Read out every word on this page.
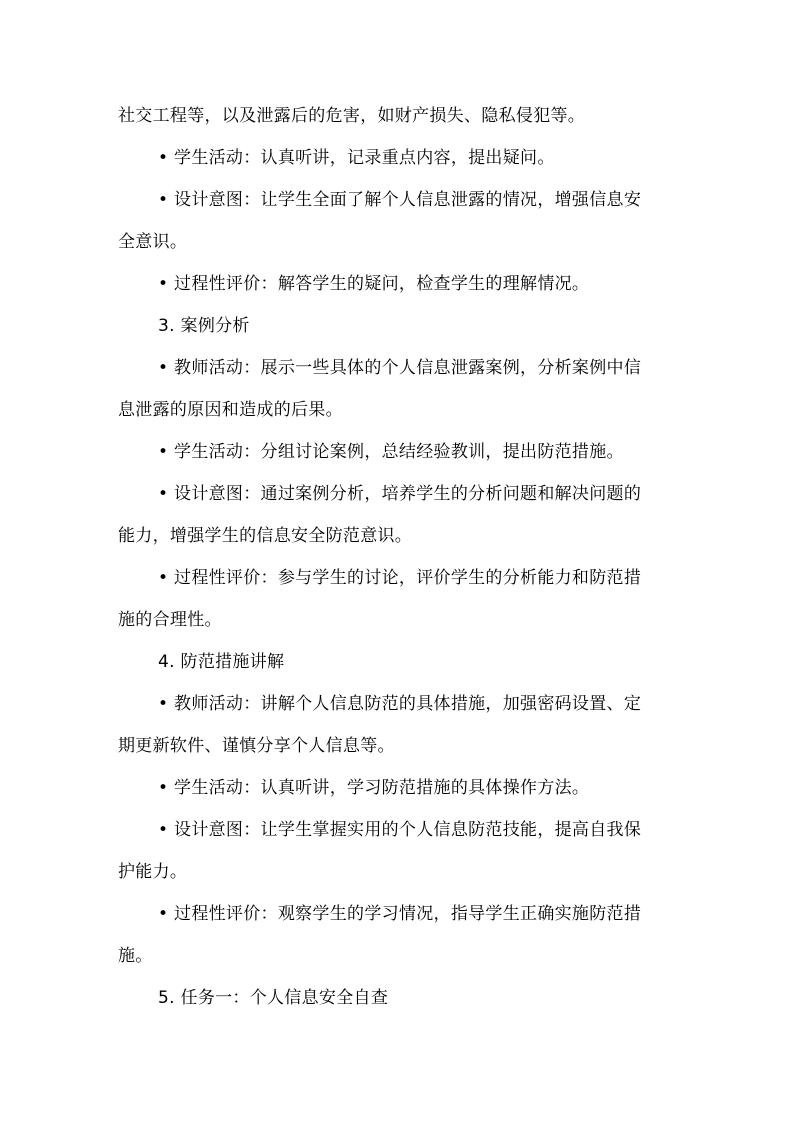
社交工程等，以及泄露后的危害，如财产损失、隐私侵犯等。
• 学生活动：认真听讲，记录重点内容，提出疑问。
• 设计意图：让学生全面了解个人信息泄露的情况，增强信息安
全意识。
• 过程性评价：解答学生的疑问，检查学生的理解情况。
3. 案例分析
• 教师活动：展示一些具体的个人信息泄露案例，分析案例中信
息泄露的原因和造成的后果。
• 学生活动：分组讨论案例，总结经验教训，提出防范措施。
• 设计意图：通过案例分析，培养学生的分析问题和解决问题的
能力，增强学生的信息安全防范意识。
• 过程性评价：参与学生的讨论，评价学生的分析能力和防范措
施的合理性。
4. 防范措施讲解
• 教师活动：讲解个人信息防范的具体措施，加强密码设置、定
期更新软件、谨慎分享个人信息等。
• 学生活动：认真听讲，学习防范措施的具体操作方法。
• 设计意图：让学生掌握实用的个人信息防范技能，提高自我保
护能力。
• 过程性评价：观察学生的学习情况，指导学生正确实施防范措
施。
5. 任务一：个人信息安全自查
